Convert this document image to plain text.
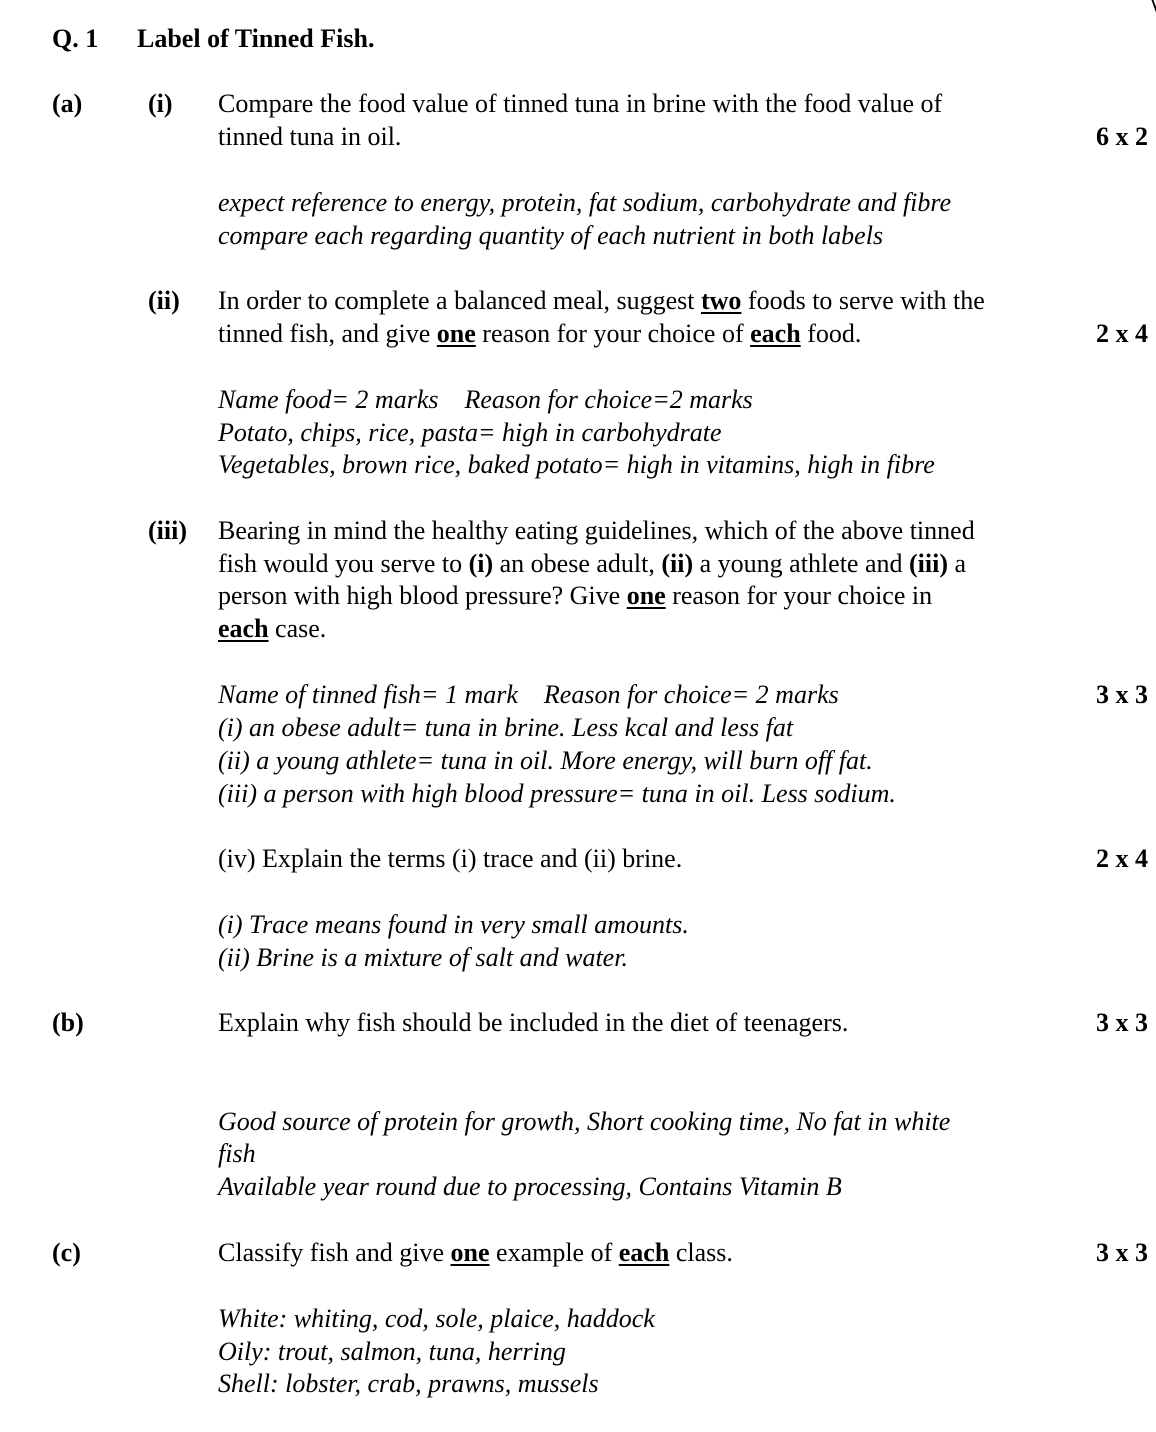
Q. 1 Label of Tinned Fish.
(a)	(i) Compare the food value of tinned tuna in brine with the food value of
tinned tuna in oil.	6 x 2
expect reference to energy, protein, fat sodium, carbohydrate and fibre
compare each regarding quantity of each nutrient in both labels
(ii) In order to complete a balanced meal, suggest two foods to serve with the
tinned fish, and give one reason for your choice of each food.	2 x 4
Name food= 2 marks    Reason for choice=2 marks
Potato, chips, rice, pasta= high in carbohydrate
Vegetables, brown rice, baked potato= high in vitamins, high in fibre
(iii) Bearing in mind the healthy eating guidelines, which of the above tinned
fish would you serve to (i) an obese adult, (ii) a young athlete and (iii) a
person with high blood pressure? Give one reason for your choice in
each case.
Name of tinned fish= 1 mark    Reason for choice= 2 marks	3 x 3
(i) an obese adult= tuna in brine. Less kcal and less fat
(ii) a young athlete= tuna in oil. More energy, will burn off fat.
(iii) a person with high blood pressure= tuna in oil. Less sodium.
(iv) Explain the terms (i) trace and (ii) brine.	2 x 4
(i) Trace means found in very small amounts.
(ii) Brine is a mixture of salt and water.
(b)	Explain why fish should be included in the diet of teenagers.	3 x 3
Good source of protein for growth, Short cooking time, No fat in white
fish
Available year round due to processing, Contains Vitamin B
(c)	Classify fish and give one example of each class.	3 x 3
White: whiting, cod, sole, plaice, haddock
Oily: trout, salmon, tuna, herring
Shell: lobster, crab, prawns, mussels
